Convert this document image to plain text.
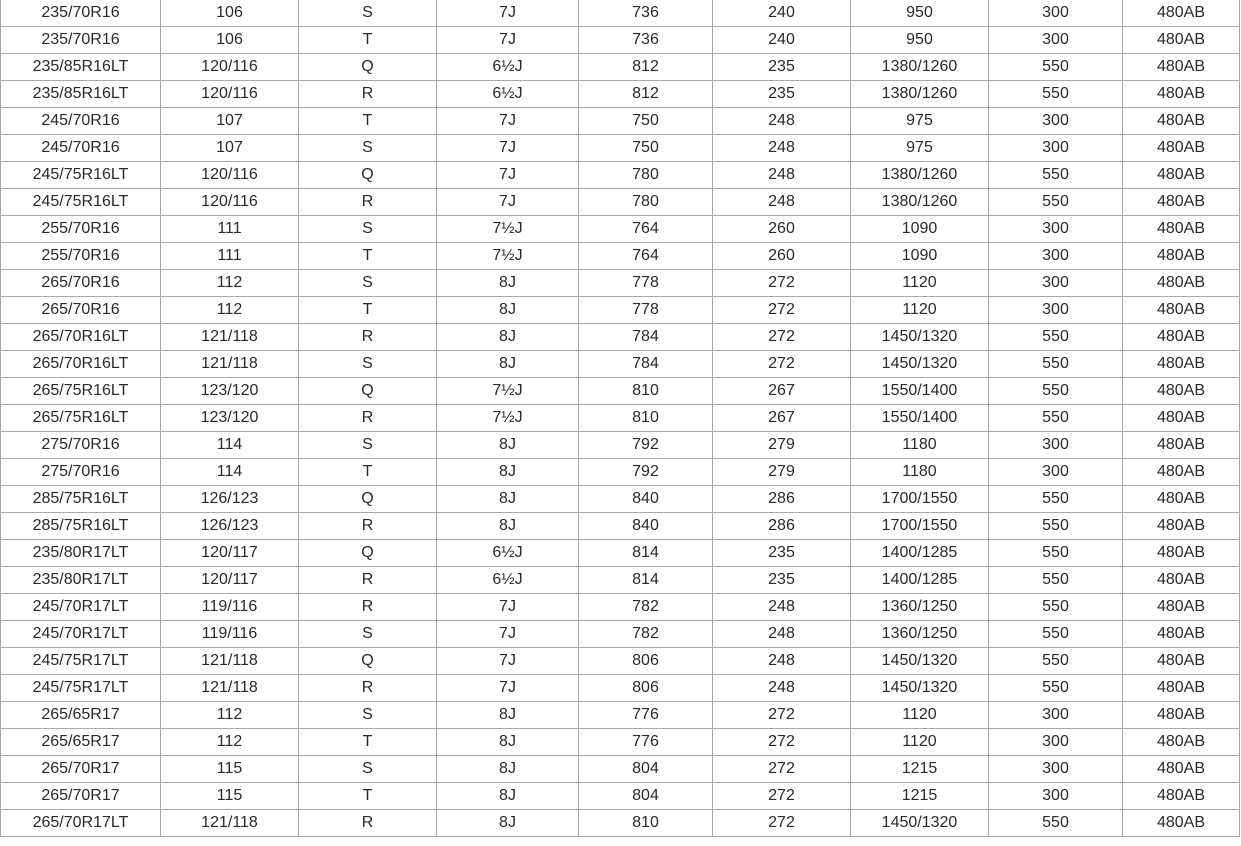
235/70R16	106	S	7J	736	240	950	300	480AB
235/70R16	106	T	7J	736	240	950	300	480AB
235/85R16LT	120/116	Q	6½J	812	235	1380/1260	550	480AB
235/85R16LT	120/116	R	6½J	812	235	1380/1260	550	480AB
245/70R16	107	T	7J	750	248	975	300	480AB
245/70R16	107	S	7J	750	248	975	300	480AB
245/75R16LT	120/116	Q	7J	780	248	1380/1260	550	480AB
245/75R16LT	120/116	R	7J	780	248	1380/1260	550	480AB
255/70R16	111	S	7½J	764	260	1090	300	480AB
255/70R16	111	T	7½J	764	260	1090	300	480AB
265/70R16	112	S	8J	778	272	1120	300	480AB
265/70R16	112	T	8J	778	272	1120	300	480AB
265/70R16LT	121/118	R	8J	784	272	1450/1320	550	480AB
265/70R16LT	121/118	S	8J	784	272	1450/1320	550	480AB
265/75R16LT	123/120	Q	7½J	810	267	1550/1400	550	480AB
265/75R16LT	123/120	R	7½J	810	267	1550/1400	550	480AB
275/70R16	114	S	8J	792	279	1180	300	480AB
275/70R16	114	T	8J	792	279	1180	300	480AB
285/75R16LT	126/123	Q	8J	840	286	1700/1550	550	480AB
285/75R16LT	126/123	R	8J	840	286	1700/1550	550	480AB
235/80R17LT	120/117	Q	6½J	814	235	1400/1285	550	480AB
235/80R17LT	120/117	R	6½J	814	235	1400/1285	550	480AB
245/70R17LT	119/116	R	7J	782	248	1360/1250	550	480AB
245/70R17LT	119/116	S	7J	782	248	1360/1250	550	480AB
245/75R17LT	121/118	Q	7J	806	248	1450/1320	550	480AB
245/75R17LT	121/118	R	7J	806	248	1450/1320	550	480AB
265/65R17	112	S	8J	776	272	1120	300	480AB
265/65R17	112	T	8J	776	272	1120	300	480AB
265/70R17	115	S	8J	804	272	1215	300	480AB
265/70R17	115	T	8J	804	272	1215	300	480AB
265/70R17LT	121/118	R	8J	810	272	1450/1320	550	480AB
